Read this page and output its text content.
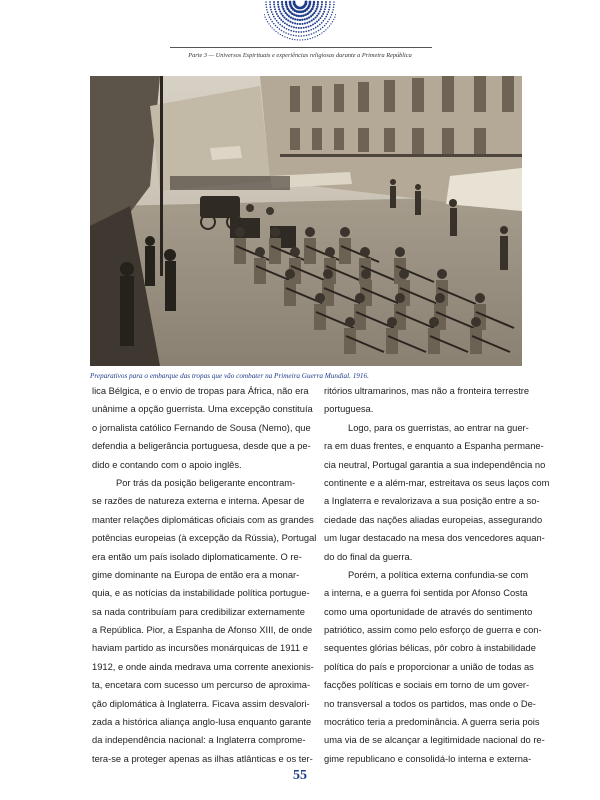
Parte 3 — Universos Espirituais e experiências religiosas durante a Primeira República
Preparativos para o embarque das tropas que vão combater na Primeira Guerra Mundial. 1916.
lica Bélgica, e o envio de tropas para África, não era
unânime a opção guerrista. Uma excepção constituía
o jornalista católico Fernando de Sousa (Nemo), que
defendia a beligerância portuguesa, desde que a pe-
dido e contando com o apoio inglês.
Por trás da posição beligerante encontram-
se razões de natureza externa e interna. Apesar de
manter relações diplomáticas oficiais com as grandes
potências europeias (à excepção da Rússia), Portugal
era então um país isolado diplomaticamente. O re-
gime dominante na Europa de então era a monar-
quia, e as notícias da instabilidade política portugue-
sa nada contribuíam para credibilizar externamente
a República. Pior, a Espanha de Afonso XIII, de onde
haviam partido as incursões monárquicas de 1911 e
1912, e onde ainda medrava uma corrente anexionis-
ta, encetara com sucesso um percurso de aproxima-
ção diplomática à Inglaterra. Ficava assim desvalori-
zada a histórica aliança anglo-lusa enquanto garante
da independência nacional: a Inglaterra comprome-
tera-se a proteger apenas as ilhas atlânticas e os ter-
ritórios ultramarinos, mas não a fronteira terrestre
portuguesa.
Logo, para os guerristas, ao entrar na guer-
ra em duas frentes, e enquanto a Espanha permane-
cia neutral, Portugal garantia a sua independência no
continente e a além-mar, estreitava os seus laços com
a Inglaterra e revalorizava a sua posição entre a so-
ciedade das nações aliadas europeias, assegurando
um lugar destacado na mesa dos vencedores aquan-
do do final da guerra.
Porém, a política externa confundia-se com
a interna, e a guerra foi sentida por Afonso Costa
como uma oportunidade de através do sentimento
patriótico, assim como pelo esforço de guerra e con-
sequentes glórias bélicas, pôr cobro à instabilidade
política do país e proporcionar a união de todas as
facções políticas e sociais em torno de um gover-
no transversal a todos os partidos, mas onde o De-
mocrático teria a predominância. A guerra seria pois
uma via de se alcançar a legitimidade nacional do re-
gime republicano e consolidá-lo interna e externa-
55
